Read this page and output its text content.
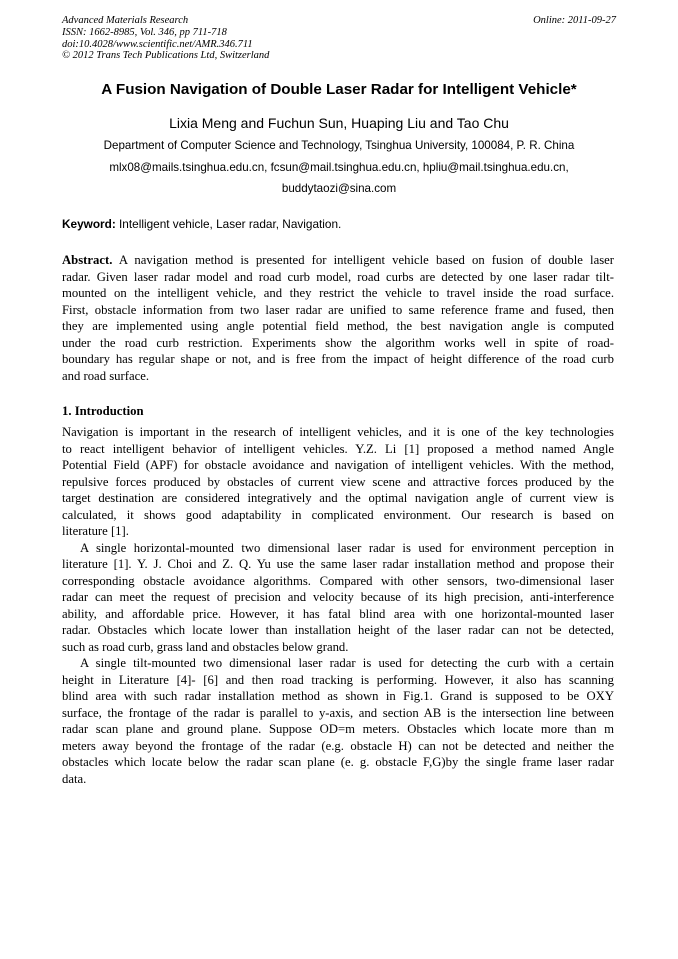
Advanced Materials Research
ISSN: 1662-8985, Vol. 346, pp 711-718
doi:10.4028/www.scientific.net/AMR.346.711
© 2012 Trans Tech Publications Ltd, Switzerland
Online: 2011-09-27
A Fusion Navigation of Double Laser Radar for Intelligent Vehicle*
Lixia Meng and Fuchun Sun, Huaping Liu and Tao Chu
Department of Computer Science and Technology, Tsinghua University, 100084, P. R. China
mlx08@mails.tsinghua.edu.cn, fcsun@mail.tsinghua.edu.cn, hpliu@mail.tsinghua.edu.cn,
buddytaozi@sina.com
Keyword: Intelligent vehicle, Laser radar, Navigation.
Abstract. A navigation method is presented for intelligent vehicle based on fusion of double laser
radar. Given laser radar model and road curb model, road curbs are detected by one laser radar tilt-
mounted on the intelligent vehicle, and they restrict the vehicle to travel inside the road surface.
First, obstacle information from two laser radar are unified to same reference frame and fused, then
they are implemented using angle potential field method, the best navigation angle is computed
under the road curb restriction. Experiments show the algorithm works well in spite of road-
boundary has regular shape or not, and is free from the impact of height difference of the road curb
and road surface.
1. Introduction
Navigation is important in the research of intelligent vehicles, and it is one of the key technologies
to react intelligent behavior of intelligent vehicles. Y.Z. Li [1] proposed a method named Angle
Potential Field (APF) for obstacle avoidance and navigation of intelligent vehicles. With the method,
repulsive forces produced by obstacles of current view scene and attractive forces produced by the
target destination are considered integratively and the optimal navigation angle of current view is
calculated, it shows good adaptability in complicated environment. Our research is based on
literature [1].
A single horizontal-mounted two dimensional laser radar is used for environment perception in
literature [1]. Y. J. Choi and Z. Q. Yu use the same laser radar installation method and propose their
corresponding obstacle avoidance algorithms. Compared with other sensors, two-dimensional laser
radar can meet the request of precision and velocity because of its high precision, anti-interference
ability, and affordable price. However, it has fatal blind area with one horizontal-mounted laser
radar. Obstacles which locate lower than installation height of the laser radar can not be detected,
such as road curb, grass land and obstacles below grand.
A single tilt-mounted two dimensional laser radar is used for detecting the curb with a certain
height in Literature [4]- [6] and then road tracking is performing. However, it also has scanning
blind area with such radar installation method as shown in Fig.1. Grand is supposed to be OXY
surface, the frontage of the radar is parallel to y-axis, and section AB is the intersection line between
radar scan plane and ground plane. Suppose OD=m meters. Obstacles which locate more than m
meters away beyond the frontage of the radar (e.g. obstacle H) can not be detected and neither the
obstacles which locate below the radar scan plane (e. g. obstacle F,G)by the single frame laser radar
data.
